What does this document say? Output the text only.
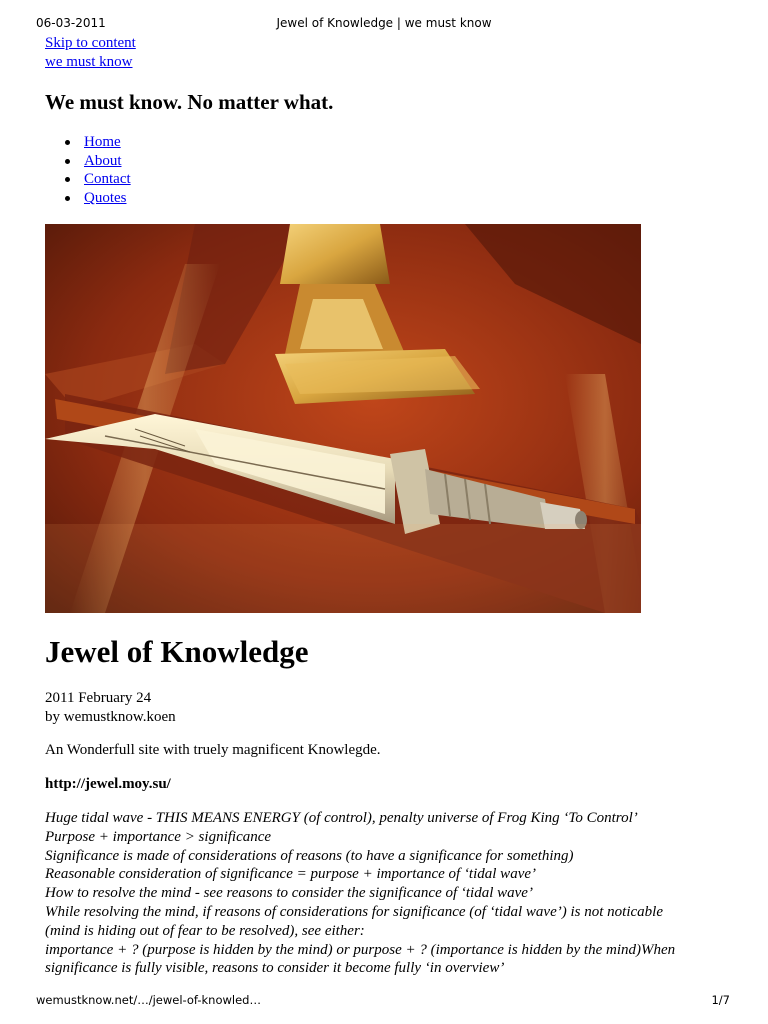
06-03-2011	Jewel of Knowledge | we must know
Skip to content
we must know
We must know. No matter what.
Home
About
Contact
Quotes
Jewel of Knowledge
2011 February 24
by wemustknow.koen
An Wonderfull site with truely magnificent Knowlegde.
http://jewel.moy.su/
Huge tidal wave - THIS MEANS ENERGY (of control), penalty universe of Frog King ‘To Control’
Purpose + importance > significance
Significance is made of considerations of reasons (to have a significance for something)
Reasonable consideration of significance = purpose + importance of ‘tidal wave’
How to resolve the mind - see reasons to consider the significance of ‘tidal wave’
While resolving the mind, if reasons of considerations for significance (of ‘tidal wave’) is not noticable
(mind is hiding out of fear to be resolved), see either:
importance + ? (purpose is hidden by the mind) or purpose + ? (importance is hidden by the mind)When
significance is fully visible, reasons to consider it become fully ‘in overview’
wemustknow.net/…/jewel-of-knowled…	1/7
